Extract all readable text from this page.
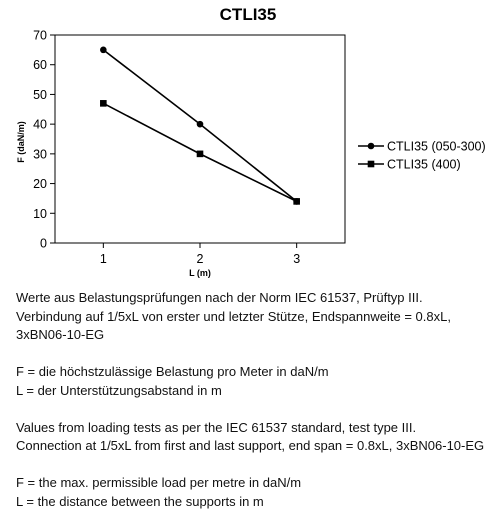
CTLI35
0
10
20
30
40
50
60
70
1	2	3
F (daN/m)
L (m)
CTLI35 (050-300)
CTLI35 (400)

Werte aus Belastungsprüfungen nach der Norm IEC 61537, Prüftyp III.

Verbindung auf 1/5xL von erster und letzter Stütze, Endspannweite = 0.8xL,

3xBN06-10-EG

F = die höchstzulässige Belastung pro Meter in daN/m

L = der Unterstützungsabstand in m

Values from loading tests as per the IEC 61537 standard, test type III.

Connection at 1/5xL from first and last support, end span = 0.8xL, 3xBN06-10-EG

F = the max. permissible load per metre in daN/m

L = the distance between the supports in m
